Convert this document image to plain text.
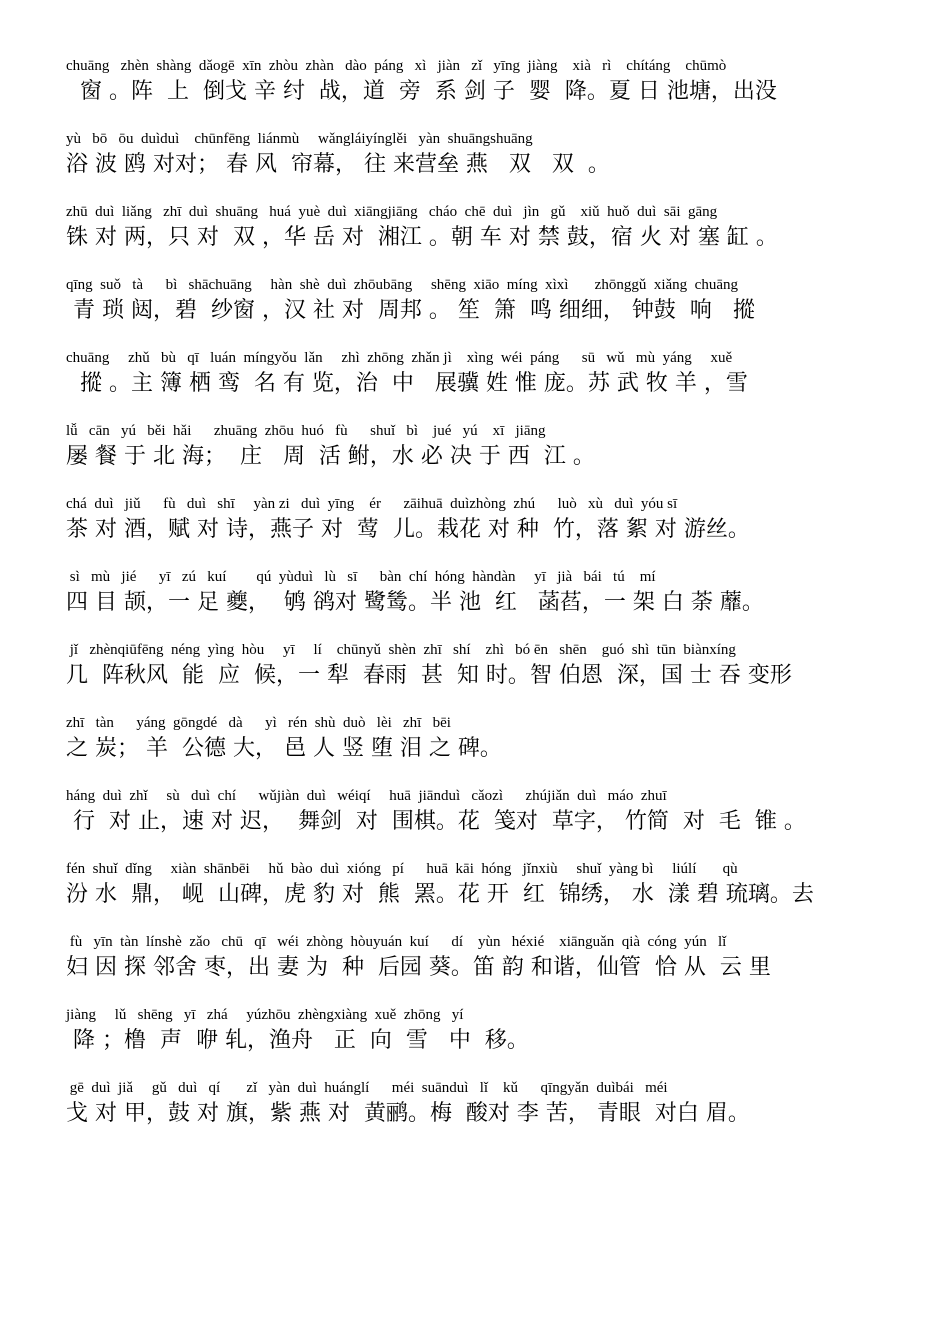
chuāng   zhèn  shàng  dǎogē  xīn  zhòu  zhàn   dào  páng   xì   jiàn   zǐ   yīng  jiàng    xià   rì    chítáng    chūmò
窗 。阵  上  倒戈 辛 纣  战，道  旁  系 剑 子  婴  降。夏 日 池塘，出没
yù   bō   ōu  duìduì    chūnfēng  liánmù     wǎngláiyínglěi   yàn  shuāngshuāng
浴 波 鸥 对对； 春 风  帘幕， 往 来营垒 燕   双   双  。
zhū  duì  liǎng   zhī  duì  shuāng   huá  yuè  duì  xiāngjiāng   cháo  chē  duì   jìn   gǔ    xiǔ  huǒ  duì  sāi  gāng
铢 对 两，只 对  双 ，华 岳 对  湘江 。朝 车 对 禁 鼓，宿 火 对 塞 缸 。
qīng  suǒ   tà      bì   shāchuāng     hàn  shè  duì  zhōubāng     shēng  xiāo  míng  xìxì       zhōnggǔ  xiǎng  chuāng
青 琐 闼，碧  纱窗 ，汉 社 对  周邦 。 笙  箫  鸣 细细， 钟鼓  响   摐
chuāng     zhǔ   bù   qī   luán  míngyǒu  lǎn     zhì  zhōng  zhǎn jì    xìng  wéi  páng      sū   wǔ   mù  yáng     xuě
摐 。主 簿 栖 鸾  名 有 览，治  中   展骥 姓 惟 庞。苏 武 牧 羊 ，雪
lǚ   cān   yú   běi  hǎi      zhuāng  zhōu  huó   fù      shuǐ   bì    jué   yú    xī   jiāng
屡 餐 于 北 海；  庄   周  活 鲋，水 必 决 于 西  江 。
chá  duì   jiǔ      fù   duì   shī     yàn zi   duì  yīng    ér      zāihuā  duìzhòng  zhú      luò   xù   duì  yóu sī
茶 对 酒，赋 对 诗，燕子 对  莺  儿。栽花 对 种  竹，落 絮 对 游丝。
sì   mù   jié      yī   zú   kuí        qú  yùduì   lù   sī      bàn  chí  hóng  hàndàn     yī   jià   bái   tú    mí
四 目 颉，一 足 夔，  鸲 鹆对 鹭鸶。半 池  红   菡萏，一 架 白 荼 蘼。
jǐ   zhènqiūfēng  néng  yìng  hòu     yī     lí    chūnyǔ  shèn  zhī   shí    zhì   bó ēn   shēn    guó  shì  tūn  biànxíng
几  阵秋风  能  应  候，一 犁  春雨  甚  知 时。智 伯恩  深，国 士 吞 变形
zhī   tàn      yáng  gōngdé   dà      yì   rén  shù  duò   lèi   zhī   bēi
之 炭； 羊  公德 大， 邑 人 竖 堕 泪 之 碑。
háng  duì  zhǐ     sù   duì  chí      wǔjiàn  duì   wéiqí     huā  jiānduì   cǎozì      zhújiǎn  duì   máo  zhuī
行  对 止，速 对 迟，  舞剑  对  围棋。花  笺对  草字， 竹简  对  毛  锥 。
fén  shuǐ  dǐng     xiàn  shānbēi     hǔ  bào  duì  xióng   pí      huā  kāi  hóng   jǐnxiù     shuǐ  yàng bì     liúlí       qù
汾 水  鼎， 岘  山碑，虎 豹 对  熊  罴。花 开  红  锦绣， 水  漾 碧 琉璃。去
fù   yīn  tàn  línshè  zǎo   chū   qī   wéi  zhòng  hòuyuán  kuí      dí    yùn   héxié    xiānguǎn  qià  cóng  yún   lǐ
妇 因 探 邻舍 枣，出 妻 为  种  后园 葵。笛 韵 和谐，仙管  恰 从  云 里
jiàng     lǔ   shēng   yī   zhá     yúzhōu  zhèngxiàng  xuě  zhōng   yí
降 ；橹  声  咿 轧，渔舟   正  向  雪   中  移。
gē  duì  jiǎ     gǔ   duì   qí       zǐ   yàn  duì  huánglí      méi  suānduì   lǐ    kǔ      qīngyǎn  duìbái   méi
戈 对 甲，鼓 对 旗，紫 燕 对  黄鹂。梅  酸对 李 苦， 青眼  对白 眉。
